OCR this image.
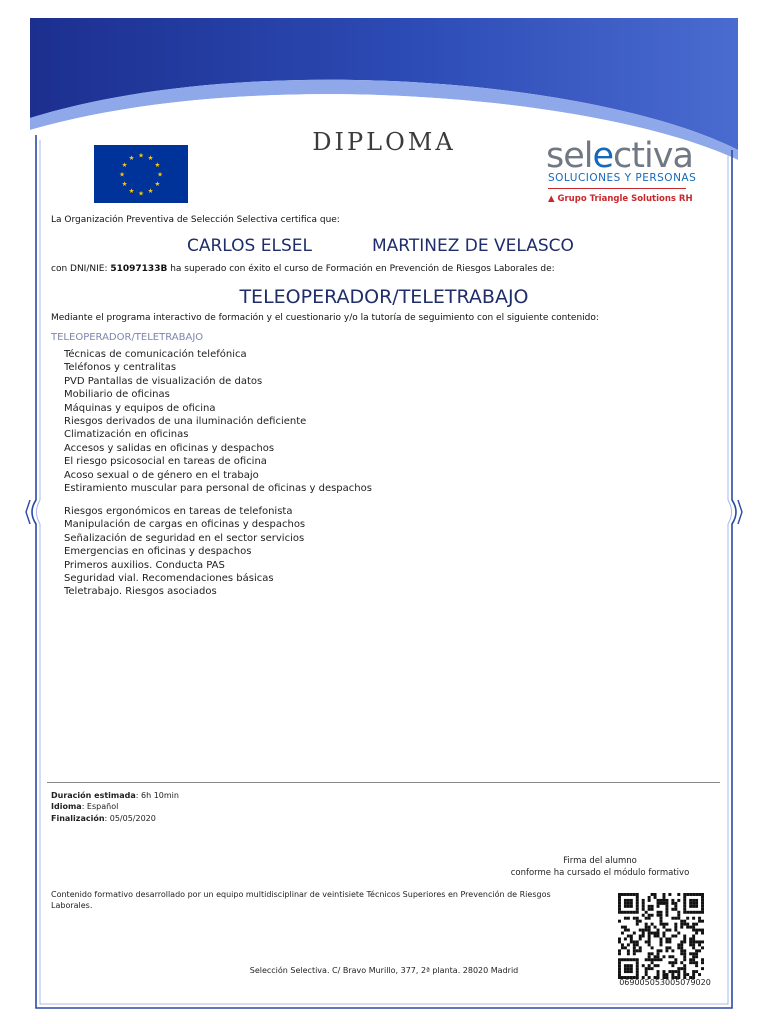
DIPLOMA
★ ★
★
★
★
★
★
★
★
★
★
★	selectiva
SOLUCIONES Y PERSONAS
▲ Grupo Triangle Solutions RH
La Organización Preventiva de Selección Selectiva certifica que:
CARLOS ELSEL	MARTINEZ DE VELASCO
con DNI/NIE: 51097133B ha superado con éxito el curso de Formación en Prevención de Riesgos Laborales de:
TELEOPERADOR/TELETRABAJO
Mediante el programa interactivo de formación y el cuestionario y/o la tutoría de seguimiento con el siguiente contenido:
TELEOPERADOR/TELETRABAJO
Técnicas de comunicación telefónica
Teléfonos y centralitas
PVD Pantallas de visualización de datos
Mobiliario de oficinas
Máquinas y equipos de oficina
Riesgos derivados de una iluminación deficiente
Climatización en oficinas
Accesos y salidas en oficinas y despachos
El riesgo psicosocial en tareas de oficina
Acoso sexual o de género en el trabajo
Estiramiento muscular para personal de oficinas y despachos
Riesgos ergonómicos en tareas de telefonista
Manipulación de cargas en oficinas y despachos
Señalización de seguridad en el sector servicios
Emergencias en oficinas y despachos
Primeros auxilios. Conducta PAS
Seguridad vial. Recomendaciones básicas
Teletrabajo. Riesgos asociados
Duración estimada: 6h 10min
Idioma: Español
Finalización: 05/05/2020
Firma del alumno
conforme ha cursado el módulo formativo
Contenido formativo desarrollado por un equipo multidisciplinar de veintisiete Técnicos Superiores en Prevención de Riesgos Laborales.
Selección Selectiva. C/ Bravo Murillo, 377, 2ª planta. 28020 Madrid
069005053005079020
